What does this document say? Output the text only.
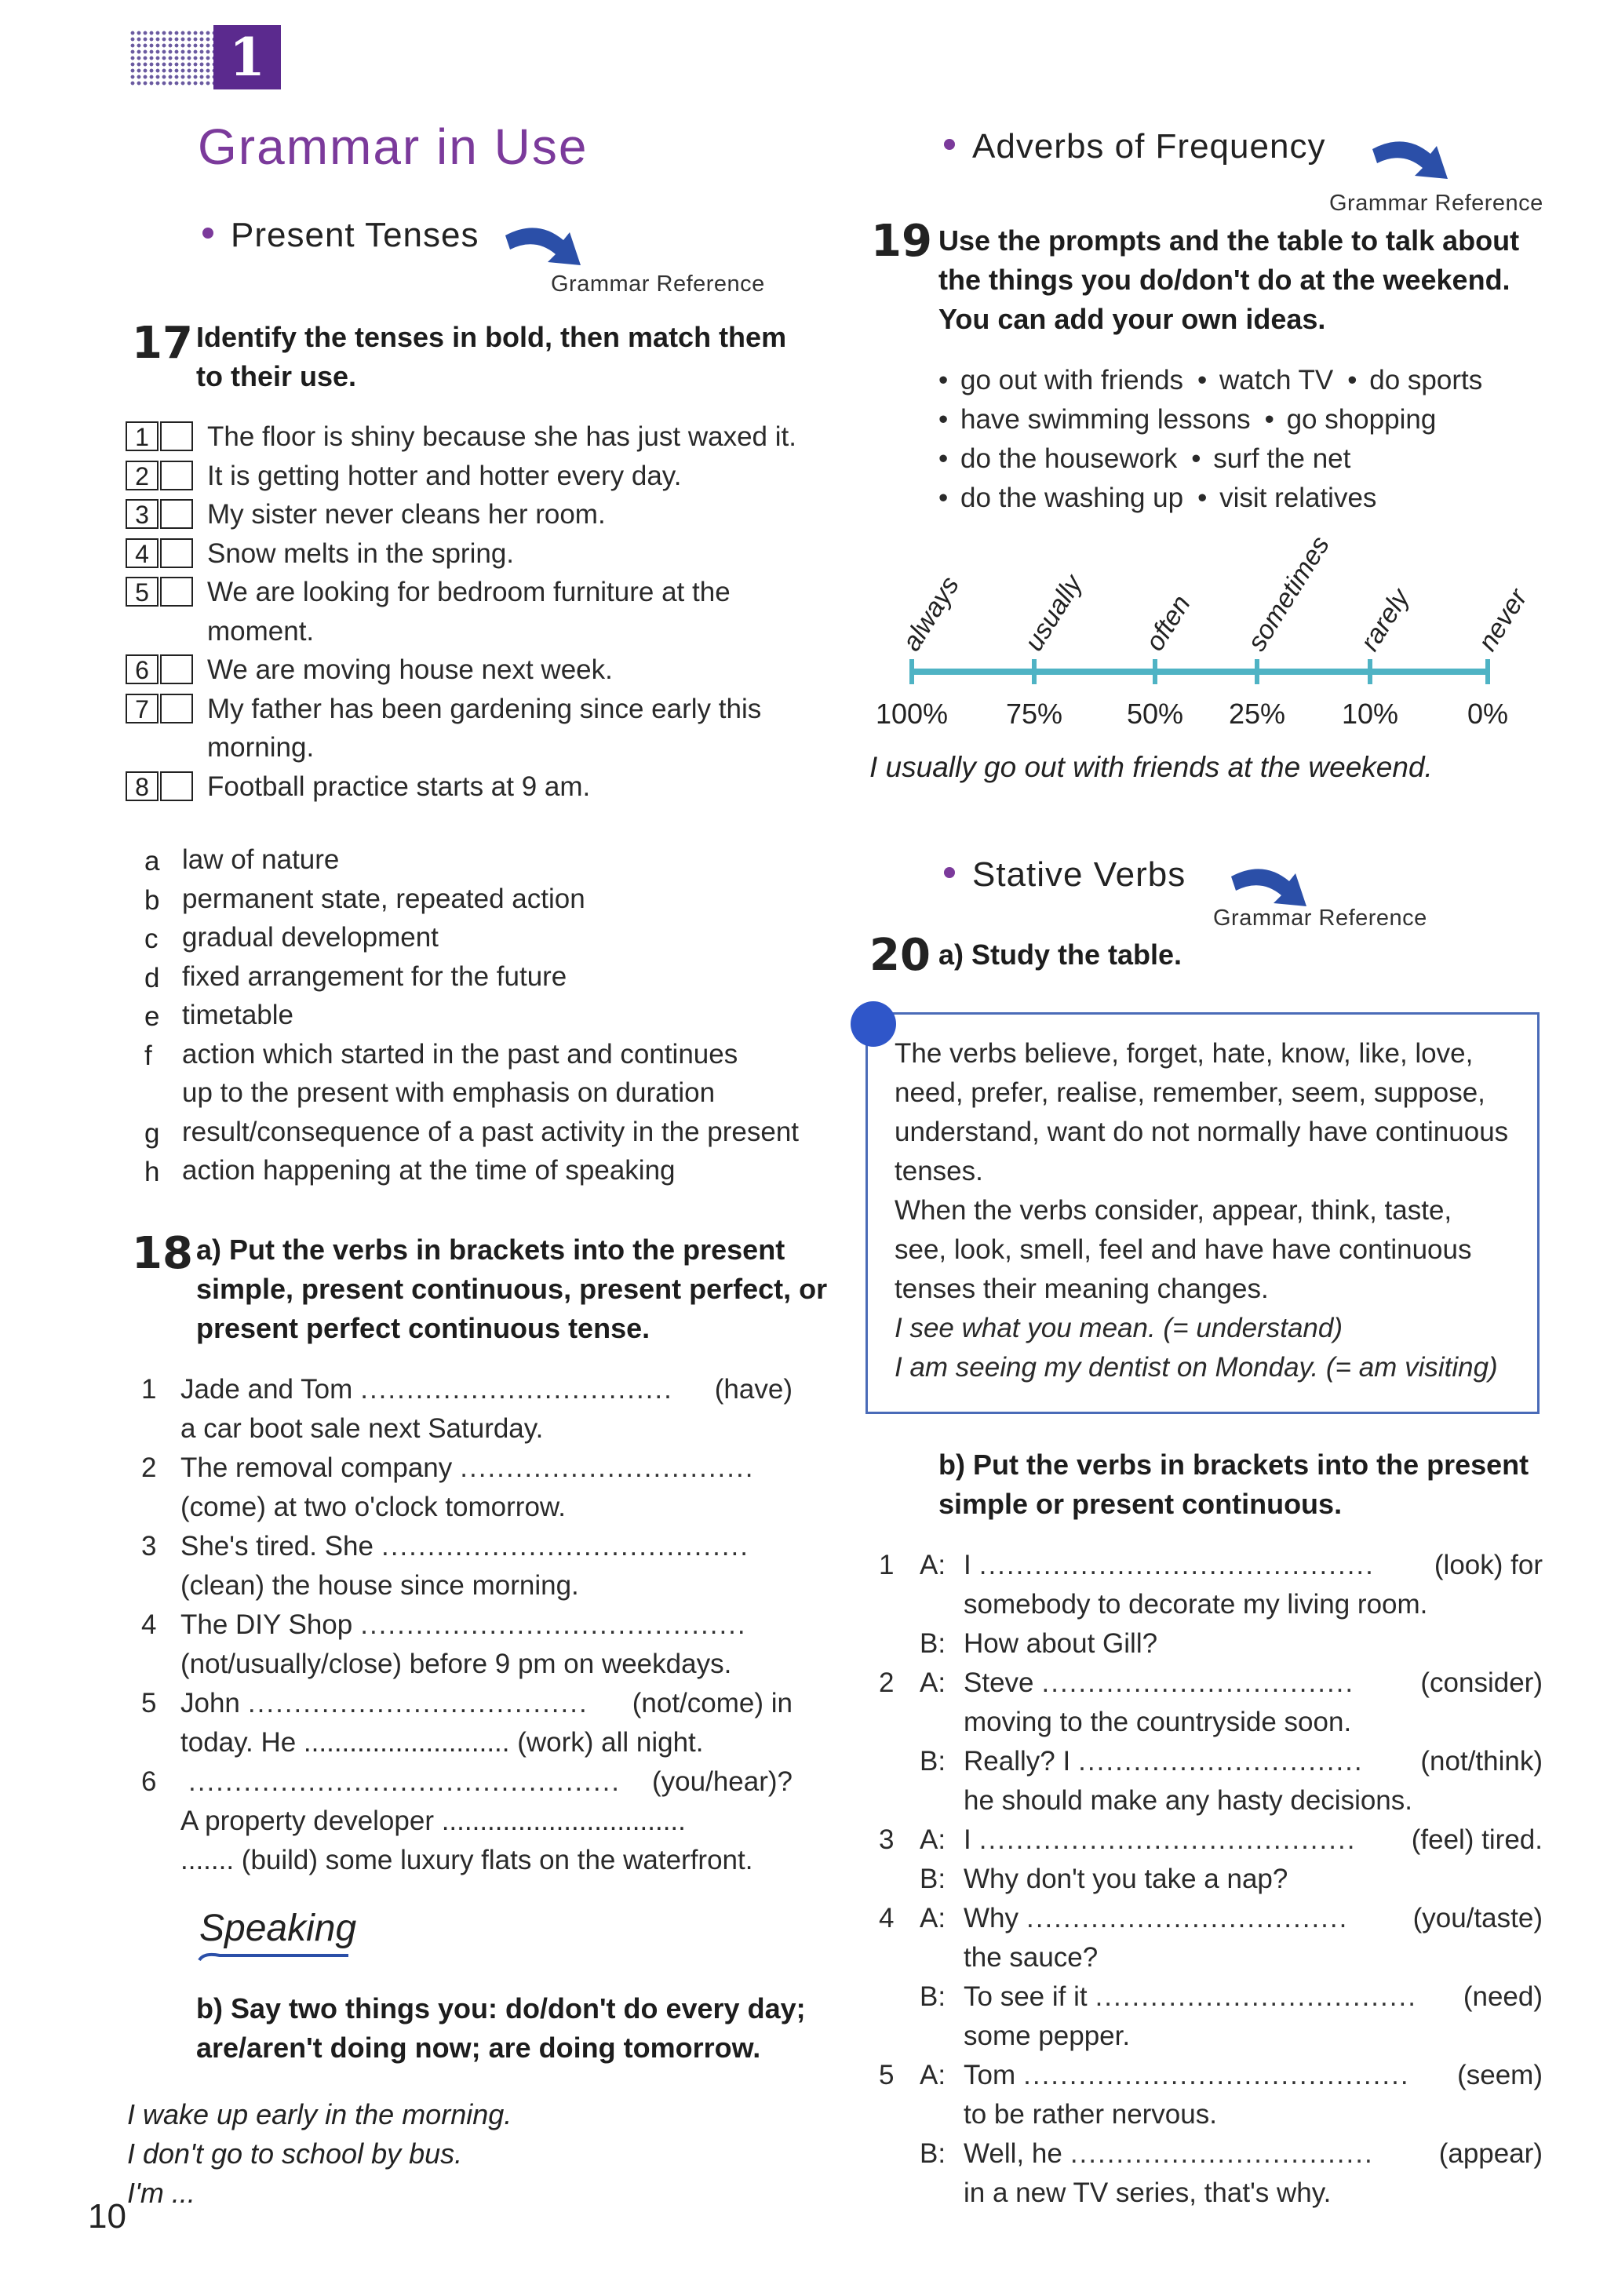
1
Grammar in Use
Present Tenses
Grammar Reference
17 Identify the tenses in bold, then match them to their use.
1	The floor is shiny because she has just waxed it.
2	It is getting hotter and hotter every day.
3	My sister never cleans her room.
4	Snow melts in the spring.
5	We are looking for bedroom furniture at the
moment.
6	We are moving house next week.
7	My father has been gardening since early this
morning.
8	Football practice starts at 9 am.
a law of nature
b permanent state, repeated action
c gradual development
d fixed arrangement for the future
e timetable
f action which started in the past and continues
up to the present with emphasis on duration
g result/consequence of a past activity in the present
h action happening at the time of speaking
18 a) Put the verbs in brackets into the present
simple, present continuous, present perfect, or
present perfect continuous tense.
1 Jade and Tom ..................................	(have)
a car boot sale next Saturday.
2 The removal company ................................
(come) at two o'clock tomorrow.
3 She's tired. She ........................................
(clean) the house since morning.
4 The DIY Shop ..........................................
(not/usually/close) before 9 pm on weekdays.
5 John .....................................	(not/come) in
today. He ........................... (work) all night.
6 ...............................................	(you/hear)?
A property developer ................................
....... (build) some luxury flats on the waterfront.
Speaking
b) Say two things you: do/don't do every day;
are/aren't doing now; are doing tomorrow.
I wake up early in the morning.
I don't go to school by bus.
I'm ...
10
Adverbs of Frequency
Grammar Reference
19 Use the prompts and the table to talk about
the things you do/don't do at the weekend.
You can add your own ideas.
• go out with friends • watch TV • do sports
• have swimming lessons • go shopping
• do the housework • surf the net
• do the washing up • visit relatives
always
100%
usually
75%
often
50%
sometimes
25%
rarely
10%
never
0%
I usually go out with friends at the weekend.
Stative Verbs
Grammar Reference
20 a) Study the table.
The verbs believe, forget, hate, know, like, love,
need, prefer, realise, remember, seem, suppose,
understand, want do not normally have continuous
tenses.
When the verbs consider, appear, think, taste,
see, look, smell, feel and have have continuous
tenses their meaning changes.
I see what you mean. (= understand)
I am seeing my dentist on Monday. (= am visiting)
b) Put the verbs in brackets into the present
simple or present continuous.
1 A: I ...........................................	(look) for
somebody to decorate my living room.
B: How about Gill?
2 A: Steve ..................................	(consider)
moving to the countryside soon.
B: Really? I ...............................	(not/think)
he should make any hasty decisions.
3 A: I .........................................	(feel) tired.
B: Why don't you take a nap?
4 A: Why ...................................	(you/taste)
the sauce?
B: To see if it ...................................	(need)
some pepper.
5 A: Tom ..........................................	(seem)
to be rather nervous.
B: Well, he .................................	(appear)
in a new TV series, that's why.
